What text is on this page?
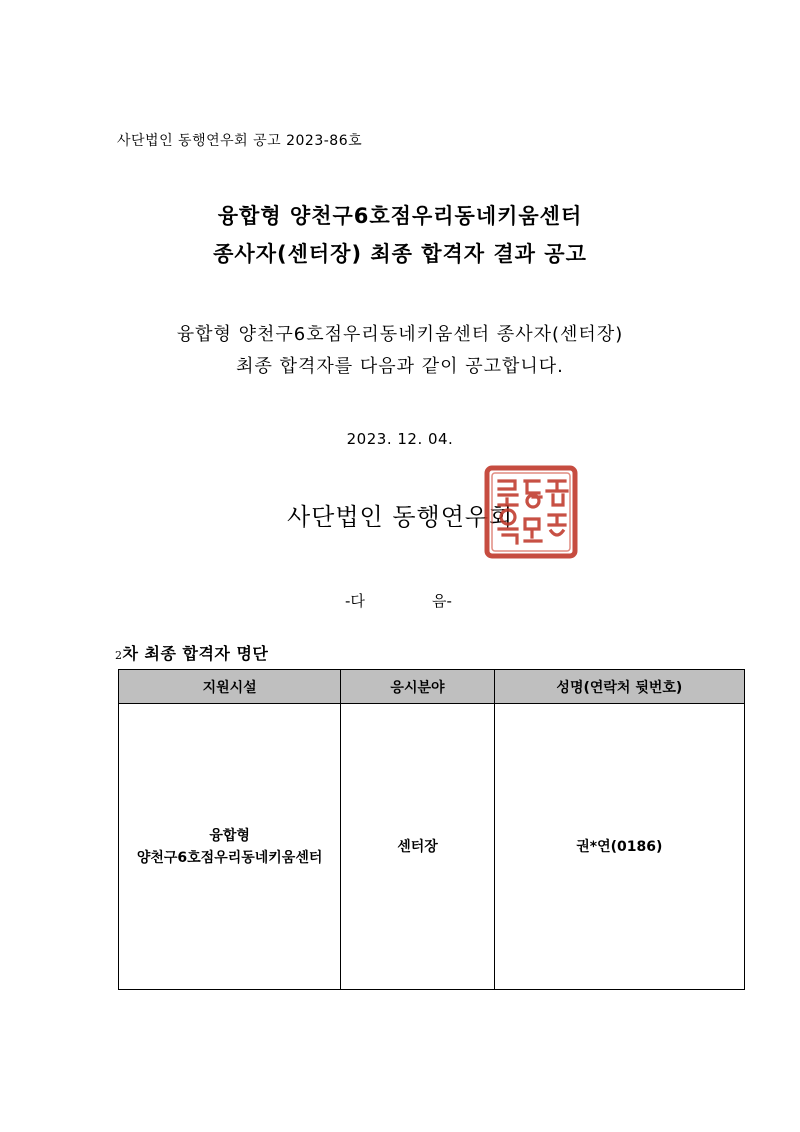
사단법인 동행연우회 공고 2023-86호
융합형 양천구6호점우리동네키움센터
종사자(센터장) 최종 합격자 결과 공고
융합형 양천구6호점우리동네키움센터 종사자(센터장)
최종 합격자를 다음과 같이 공고합니다.
2023. 12. 04.
사단법인 동행연우회
-다	음-
2차 최종 합격자 명단
지원시설	응시분야	성명(연락처 뒷번호)

융합형
양천구6호점우리동네키움센터	센터장	권*연(0186)
